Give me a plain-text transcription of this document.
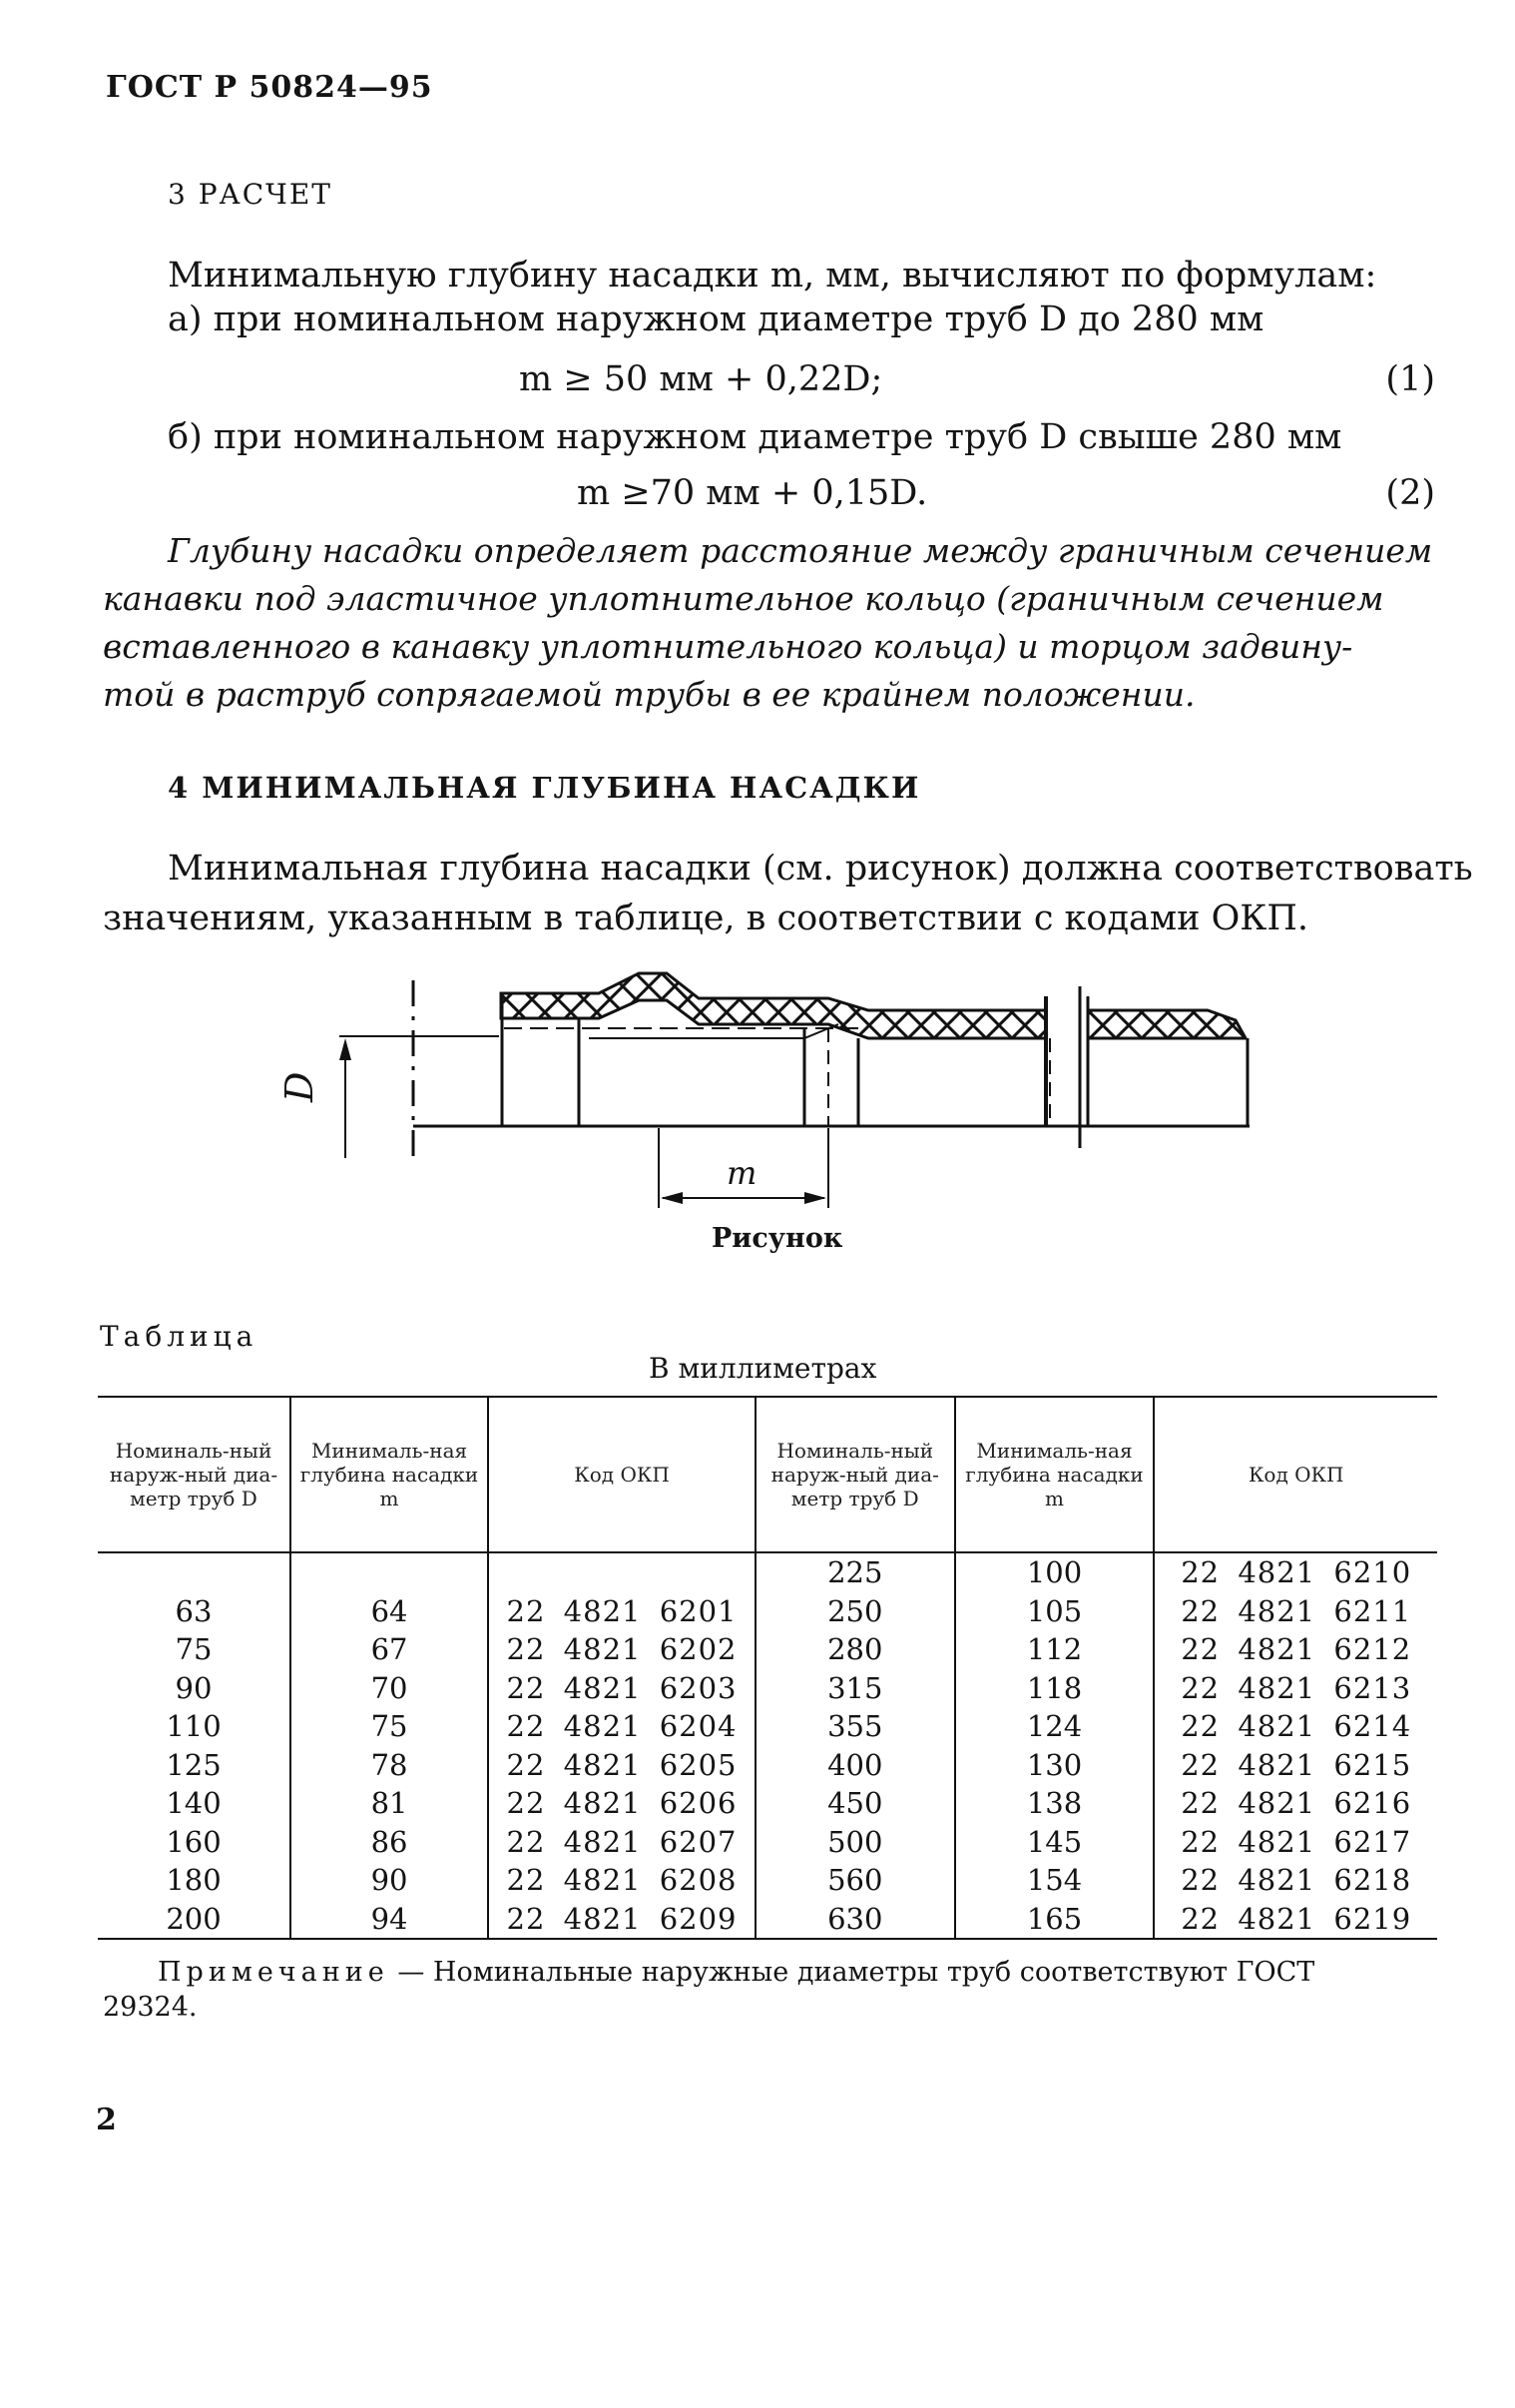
ГОСТ Р 50824—95
3 РАСЧЕТ
Минимальную глубину насадки m, мм, вычисляют по формулам:
а) при номинальном наружном диаметре труб D до 280 мм
m ≥ 50 мм + 0,22D;	(1)
б) при номинальном наружном диаметре труб D свыше 280 мм
m ≥70 мм + 0,15D.	(2)
Глубину насадки определяет расстояние между граничным сечением
канавки под эластичное уплотнительное кольцо (граничным сечением
вставленного в канавку уплотнительного кольца) и торцом задвину-
той в раструб сопрягаемой трубы в ее крайнем положении.
4 МИНИМАЛЬНАЯ ГЛУБИНА НАСАДКИ
Минимальная глубина насадки (см. рисунок) должна соответствовать
значениям, указанным в таблице, в соответствии с кодами ОКП.
D
m
Рисунок
Таблица
В миллиметрах
Номиналь-ный наруж-ный диа-метр труб D	Минималь-ная глубина насадки m	Код ОКП	Номиналь-ный наруж-ный диа-метр труб D	Минималь-ная глубина насадки m	Код ОКП
			225	100	22 4821 6210
63	64	22 4821 6201	250	105	22 4821 6211
75	67	22 4821 6202	280	112	22 4821 6212
90	70	22 4821 6203	315	118	22 4821 6213
110	75	22 4821 6204	355	124	22 4821 6214
125	78	22 4821 6205	400	130	22 4821 6215
140	81	22 4821 6206	450	138	22 4821 6216
160	86	22 4821 6207	500	145	22 4821 6217
180	90	22 4821 6208	560	154	22 4821 6218
200	94	22 4821 6209	630	165	22 4821 6219
Примечание — Номинальные наружные диаметры труб соответствуют ГОСТ
29324.
2
